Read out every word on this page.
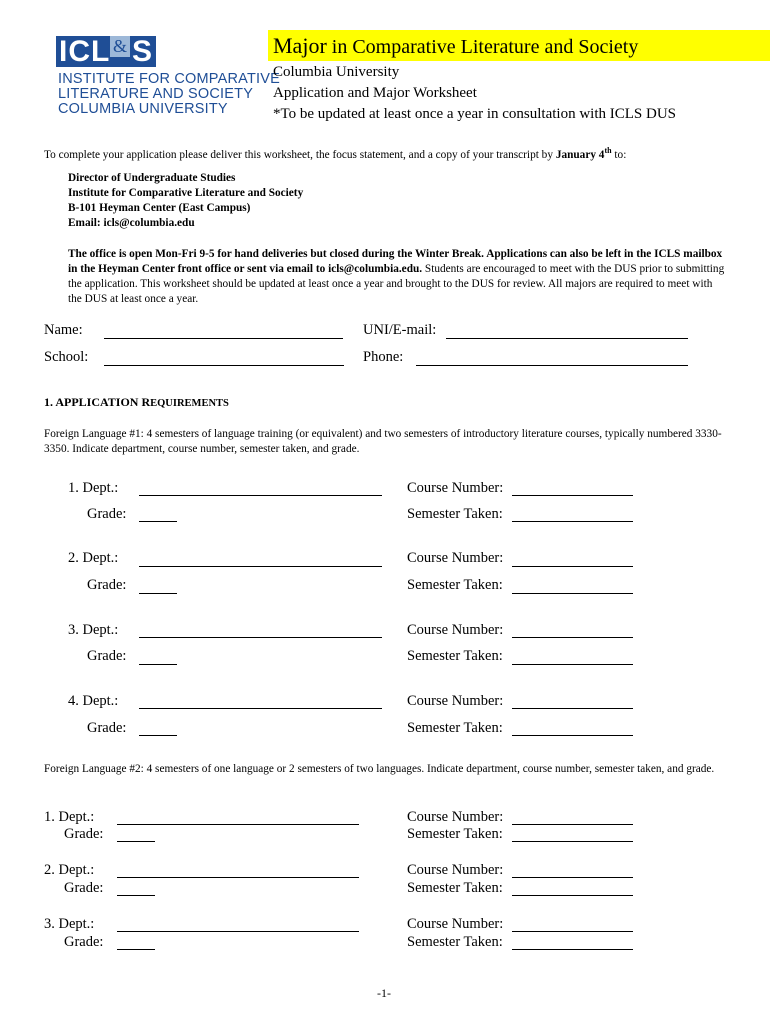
ICL & S
INSTITUTE FOR COMPARATIVE
LITERATURE AND SOCIETY
COLUMBIA UNIVERSITY
Major in Comparative Literature and Society
Columbia University
Application and Major Worksheet
*To be updated at least once a year in consultation with ICLS DUS
To complete your application please deliver this worksheet, the focus statement, and a copy of your transcript by January 4th to:
Director of Undergraduate Studies
Institute for Comparative Literature and Society
B-101 Heyman Center (East Campus)
Email: icls@columbia.edu
The office is open Mon-Fri 9-5 for hand deliveries but closed during the Winter Break. Applications can also be left in the ICLS mailbox in the Heyman Center front office or sent via email to icls@columbia.edu. Students are encouraged to meet with the DUS prior to submitting the application. This worksheet should be updated at least once a year and brought to the DUS for review. All majors are required to meet with the DUS at least once a year.
Name:	UNI/E-mail:
School:	Phone:
1. APPLICATION REQUIREMENTS
Foreign Language #1: 4 semesters of language training (or equivalent) and two semesters of introductory literature courses, typically numbered 3330-3350. Indicate department, course number, semester taken, and grade.
1. Dept.:	Course Number:
Grade:	Semester Taken:
2. Dept.:	Course Number:
Grade:	Semester Taken:
3. Dept.:	Course Number:
Grade:	Semester Taken:
4. Dept.:	Course Number:
Grade:	Semester Taken:
Foreign Language #2: 4 semesters of one language or 2 semesters of two languages. Indicate department, course number, semester taken, and grade.
1. Dept.:	Course Number:
Grade:	Semester Taken:
2. Dept.:	Course Number:
Grade:	Semester Taken:
3. Dept.:	Course Number:
Grade:	Semester Taken:
-1-
